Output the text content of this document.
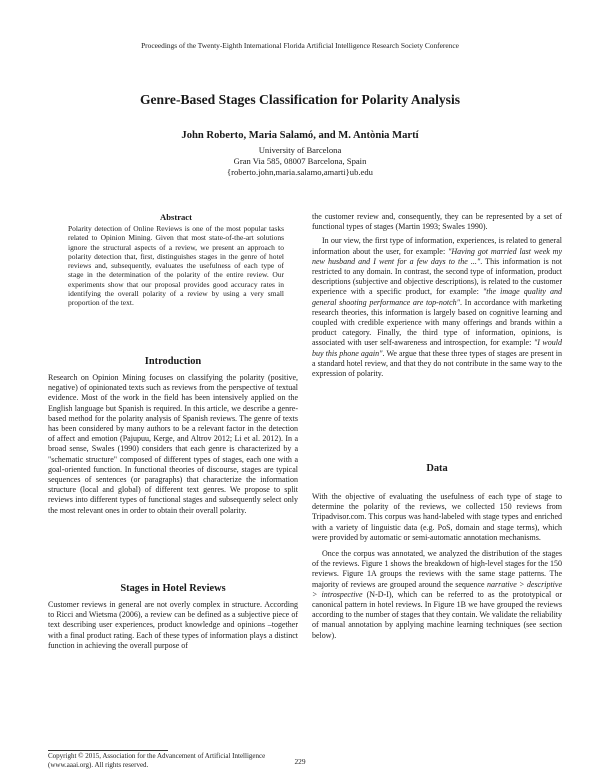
Proceedings of the Twenty-Eighth International Florida Artificial Intelligence Research Society Conference
Genre-Based Stages Classification for Polarity Analysis
John Roberto, Maria Salamó, and M. Antònia Martí
University of Barcelona
Gran Via 585, 08007 Barcelona, Spain
{roberto.john,maria.salamo,amarti}ub.edu
Abstract
Polarity detection of Online Reviews is one of the most popular tasks related to Opinion Mining. Given that most state-of-the-art solutions ignore the structural aspects of a review, we present an approach to polarity detection that, first, distinguishes stages in the genre of hotel reviews and, subsequently, evaluates the usefulness of each type of stage in the determination of the polarity of the entire review. Our experiments show that our proposal provides good accuracy rates in identifying the overall polarity of a review by using a very small proportion of the text.
Introduction

Research on Opinion Mining focuses on classifying the polarity (positive, negative) of opinionated texts such as reviews from the perspective of textual evidence. Most of the work in the field has been intensively applied on the English language but Spanish is required. In this article, we describe a genre-based method for the polarity analysis of Spanish reviews. The genre of texts has been considered by many authors to be a relevant factor in the detection of affect and emotion (Pajupuu, Kerge, and Altrov 2012; Li et al. 2012). In a broad sense, Swales (1990) considers that each genre is characterized by a "schematic structure" composed of different types of stages, each one with a goal-oriented function. In functional theories of discourse, stages are typical sequences of sentences (or paragraphs) that characterize the information structure (local and global) of different text genres. We propose to split reviews into different types of functional stages and subsequently select only the most relevant ones in order to obtain their overall polarity.

Stages in Hotel Reviews

Customer reviews in general are not overly complex in structure. According to Ricci and Wietsma (2006), a review can be defined as a subjective piece of text describing user experiences, product knowledge and opinions –together with a final product rating. Each of these types of information plays a distinct function in achieving the overall purpose of

Copyright © 2015, Association for the Advancement of Artificial Intelligence (www.aaai.org). All rights reserved.

the customer review and, consequently, they can be represented by a set of functional types of stages (Martin 1993; Swales 1990).

In our view, the first type of information, experiences, is related to general information about the user, for example: "Having got married last week my new husband and I went for a few days to the ...". This information is not restricted to any domain. In contrast, the second type of information, product descriptions (subjective and objective descriptions), is related to the customer experience with a specific product, for example: "the image quality and general shooting performance are top-notch". In accordance with marketing research theories, this information is largely based on cognitive learning and coupled with credible experience with many offerings and brands within a product category. Finally, the third type of information, opinions, is associated with user self-awareness and introspection, for example: "I would buy this phone again". We argue that these three types of stages are present in a standard hotel review, and that they do not contribute in the same way to the expression of polarity.

Data

With the objective of evaluating the usefulness of each type of stage to determine the polarity of the reviews, we collected 150 reviews from Tripadvisor.com. This corpus was hand-labeled with stage types and enriched with a variety of linguistic data (e.g. PoS, domain and stage terms), which were provided by automatic or semi-automatic annotation mechanisms.

Once the corpus was annotated, we analyzed the distribution of the stages of the reviews. Figure 1 shows the breakdown of high-level stages for the 150 reviews. Figure 1A groups the reviews with the same stage patterns. The majority of reviews are grouped around the sequence narrative > descriptive > introspective (N-D-I), which can be referred to as the prototypical or canonical pattern in hotel reviews. In Figure 1B we have grouped the reviews according to the number of stages that they contain. We validate the reliability of manual annotation by applying machine learning techniques (see section below).

229
